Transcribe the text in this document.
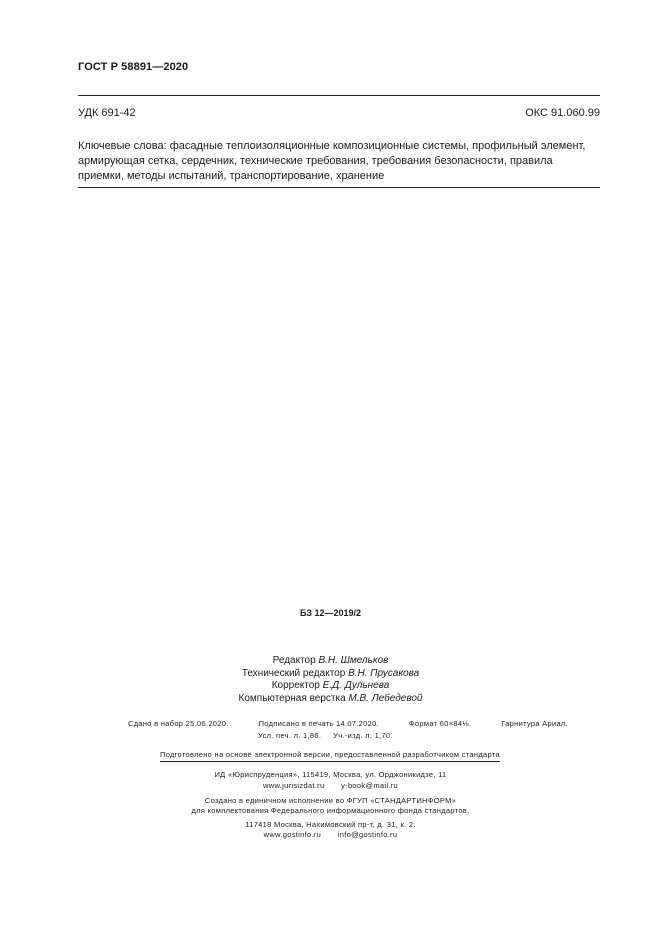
ГОСТ Р 58891—2020
УДК 691-42	ОКС 91.060.99
Ключевые слова: фасадные теплоизоляционные композиционные системы, профильный элемент, армирующая сетка, сердечник, технические требования, требования безопасности, правила приемки, методы испытаний, транспортирование, хранение
БЗ 12—2019/2
Редактор В.Н. Шмельков
Технический редактор В.Н. Прусакова
Корректор Е.Д. Дульнева
Компьютерная верстка М.В. Лебедевой
Сдано в набор 25.06.2020.	Подписано в печать 14.07.2020.	Формат 60×84⅛.	Гарнитура Ариал.
Усл. печ. л. 1,86. Уч.-изд. л. 1,70.
Подготовлено на основе электронной версии, предоставленной разработчиком стандарта
ИД «Юриспруденция», 115419, Москва, ул. Орджоникидзе, 11
www.jurisizdat.ru y-book@mail.ru
Создано в единичном исполнении во ФГУП «СТАНДАРТИНФОРМ»
для комплектования Федерального информационного фонда стандартов,
117418 Москва, Нахимовский пр-т, д. 31, к. 2.
www.gostinfo.ru info@gostinfo.ru
